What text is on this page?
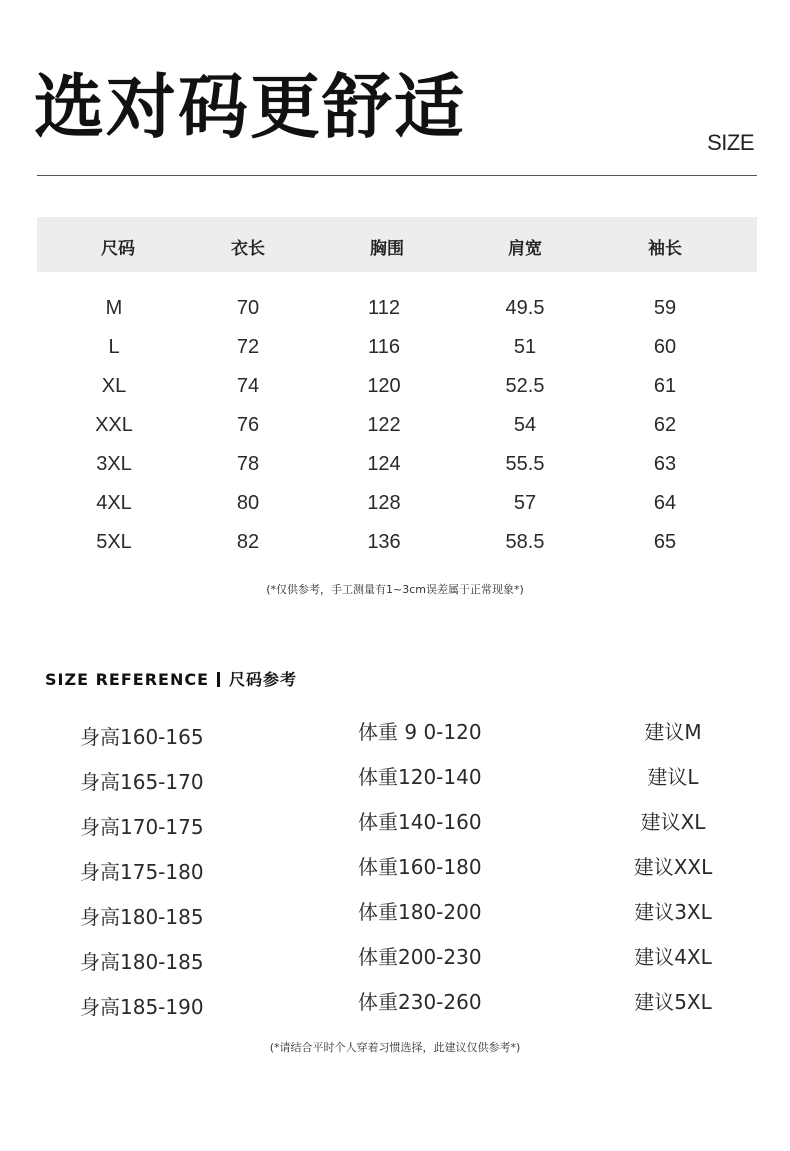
选对码更舒适	SIZE
尺码	衣长	胸围	肩宽	袖长
M	70	112	49.5	59
L	72	116	51	60
XL	74	120	52.5	61
XXL	76	122	54	62
3XL	78	124	55.5	63
4XL	80	128	57	64
5XL	82	136	58.5	65
(*仅供参考，手工测量有1~3cm误差属于正常现象*)
SIZE REFERENCE 尺码参考
身高160-165	体重 9 0-120	建议M
身高165-170	体重120-140	建议L
身高170-175	体重140-160	建议XL
身高175-180	体重160-180	建议XXL
身高180-185	体重180-200	建议3XL
身高180-185	体重200-230	建议4XL
身高185-190	体重230-260	建议5XL
(*请结合平时个人穿着习惯选择，此建议仅供参考*)
